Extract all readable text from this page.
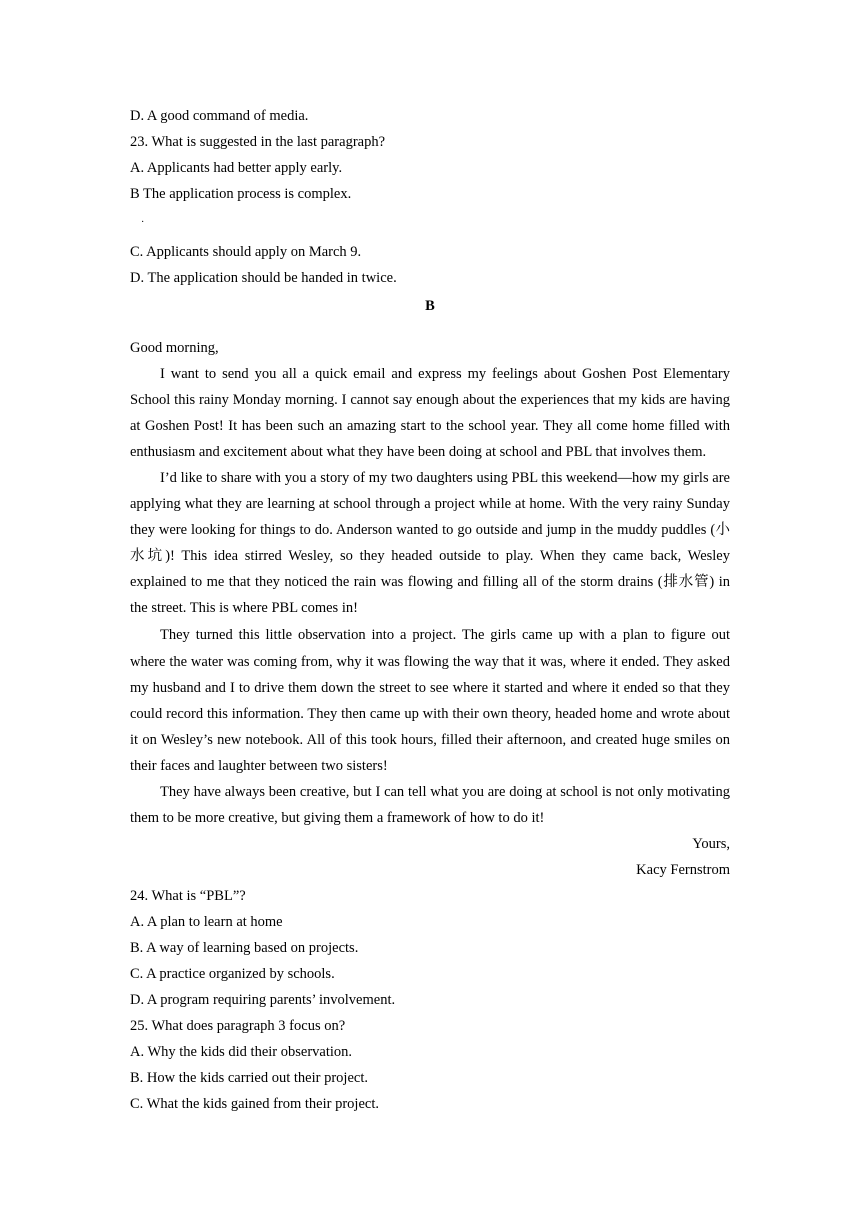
D. A good command of media.

23. What is suggested in the last paragraph?

A. Applicants had better apply early.

B The application process is complex.

·

C. Applicants should apply on March 9.

D. The application should be handed in twice.

B

Good morning,

I want to send you all a quick email and express my feelings about Goshen Post Elementary School this rainy Monday morning. I cannot say enough about the experiences that my kids are having at Goshen Post! It has been such an amazing start to the school year. They all come home filled with enthusiasm and excitement about what they have been doing at school and PBL that involves them.

I’d like to share with you a story of my two daughters using PBL this weekend—how my girls are applying what they are learning at school through a project while at home. With the very rainy Sunday they were looking for things to do. Anderson wanted to go outside and jump in the muddy puddles (小水坑)! This idea stirred Wesley, so they headed outside to play. When they came back, Wesley explained to me that they noticed the rain was flowing and filling all of the storm drains (排水管) in the street. This is where PBL comes in!

They turned this little observation into a project. The girls came up with a plan to figure out where the water was coming from, why it was flowing the way that it was, where it ended. They asked my husband and I to drive them down the street to see where it started and where it ended so that they could record this information. They then came up with their own theory, headed home and wrote about it on Wesley’s new notebook. All of this took hours, filled their afternoon, and created huge smiles on their faces and laughter between two sisters!

They have always been creative, but I can tell what you are doing at school is not only motivating them to be more creative, but giving them a framework of how to do it!

Yours,

Kacy Fernstrom

24. What is “PBL”?

A. A plan to learn at home

B. A way of learning based on projects.

C. A practice organized by schools.

D. A program requiring parents’ involvement.

25. What does paragraph 3 focus on?

A. Why the kids did their observation.

B. How the kids carried out their project.

C. What the kids gained from their project.
